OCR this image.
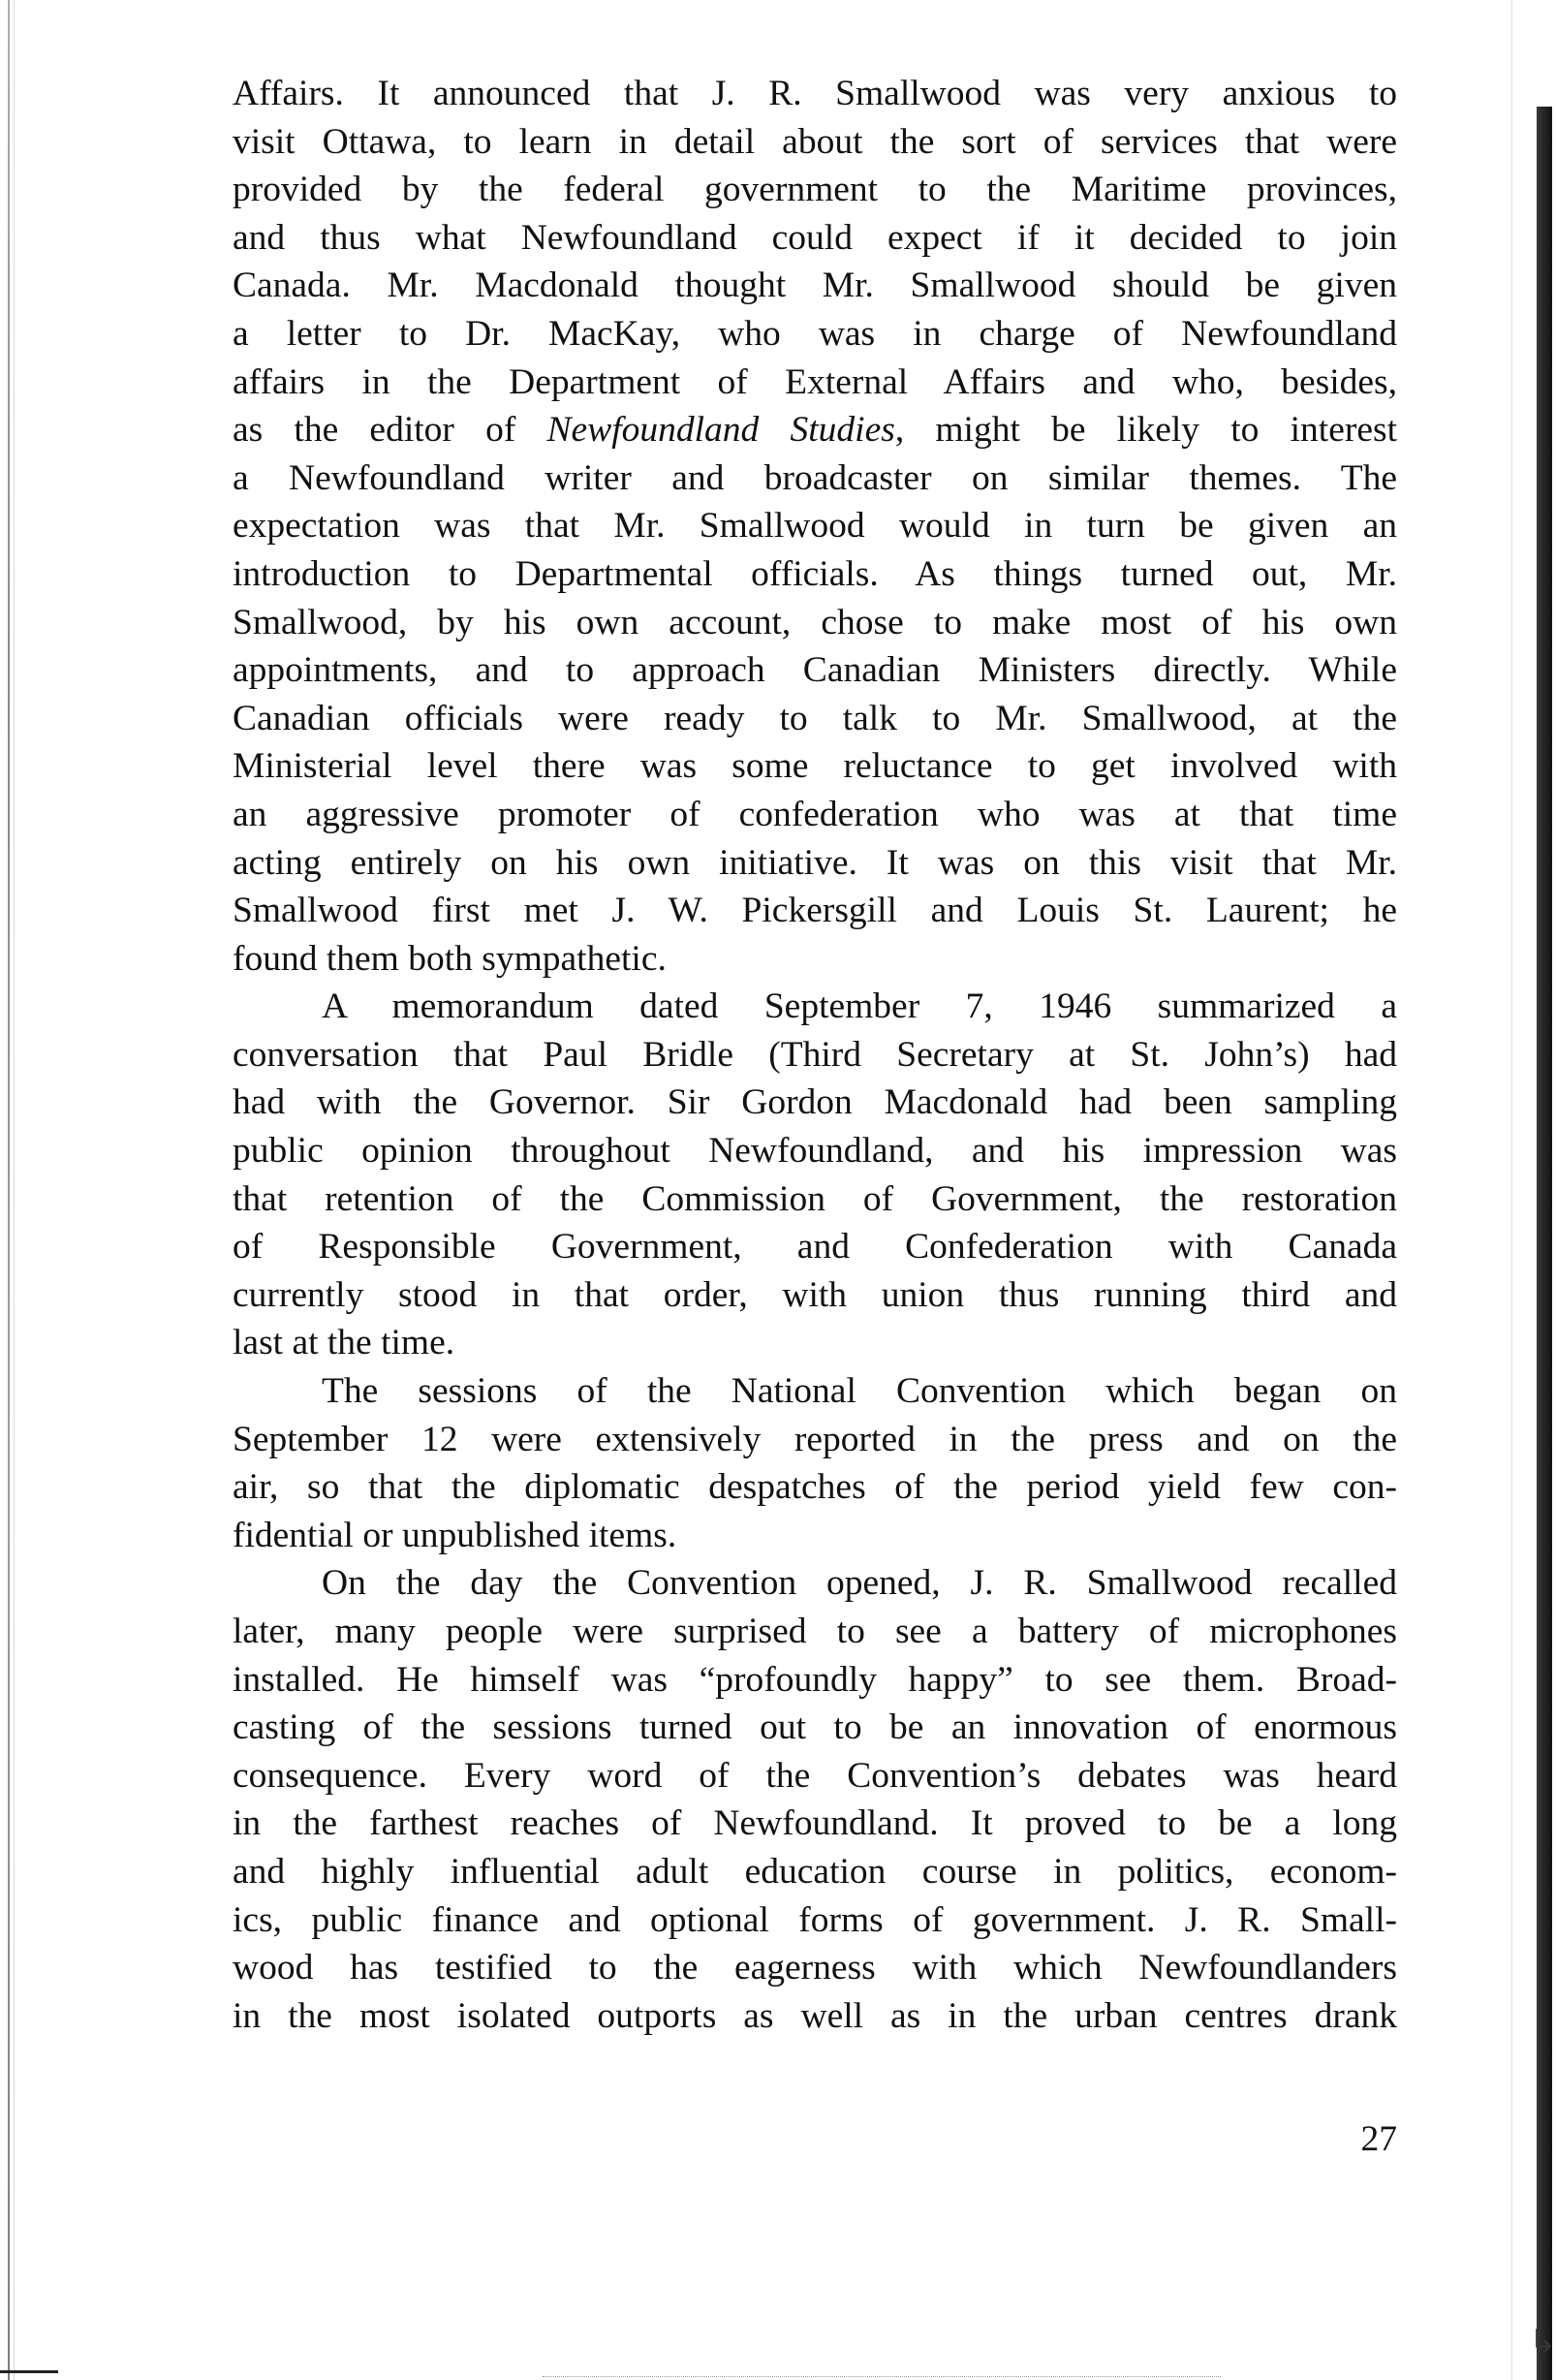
↳

Affairs. It announced that J. R. Smallwood was very anxious to
visit Ottawa, to learn in detail about the sort of services that were
provided by the federal government to the Maritime provinces,
and thus what Newfoundland could expect if it decided to join
Canada. Mr. Macdonald thought Mr. Smallwood should be given
a letter to Dr. MacKay, who was in charge of Newfoundland
affairs in the Department of External Affairs and who, besides,
as the editor of Newfoundland Studies, might be likely to interest
a Newfoundland writer and broadcaster on similar themes. The
expectation was that Mr. Smallwood would in turn be given an
introduction to Departmental officials. As things turned out, Mr.
Smallwood, by his own account, chose to make most of his own
appointments, and to approach Canadian Ministers directly. While
Canadian officials were ready to talk to Mr. Smallwood, at the
Ministerial level there was some reluctance to get involved with
an aggressive promoter of confederation who was at that time
acting entirely on his own initiative. It was on this visit that Mr.
Smallwood first met J. W. Pickersgill and Louis St. Laurent; he
found them both sympathetic.

A memorandum dated September 7, 1946 summarized a
conversation that Paul Bridle (Third Secretary at St. John’s) had
had with the Governor. Sir Gordon Macdonald had been sampling
public opinion throughout Newfoundland, and his impression was
that retention of the Commission of Government, the restoration
of Responsible Government, and Confederation with Canada
currently stood in that order, with union thus running third and
last at the time.

The sessions of the National Convention which began on
September 12 were extensively reported in the press and on the
air, so that the diplomatic despatches of the period yield few con-
fidential or unpublished items.

On the day the Convention opened, J. R. Smallwood recalled
later, many people were surprised to see a battery of microphones
installed. He himself was “profoundly happy” to see them. Broad-
casting of the sessions turned out to be an innovation of enormous
consequence. Every word of the Convention’s debates was heard
in the farthest reaches of Newfoundland. It proved to be a long
and highly influential adult education course in politics, econom-
ics, public finance and optional forms of government. J. R. Small-
wood has testified to the eagerness with which Newfoundlanders
in the most isolated outports as well as in the urban centres drank

27
